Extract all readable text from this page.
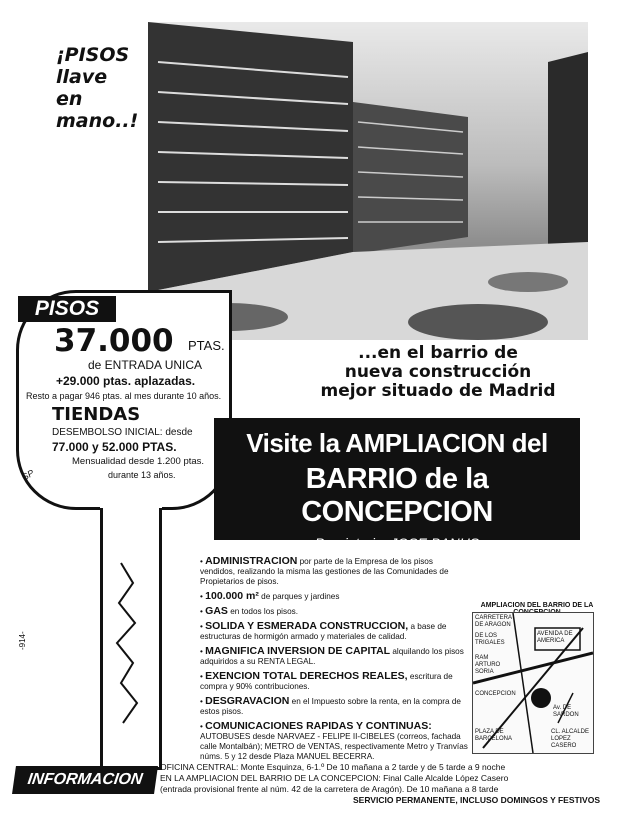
¡PISOS
llave
en
mano..!
PISOS
37.000 PTAS.
de ENTRADA UNICA
+29.000 ptas. aplazadas.
Resto a pagar 946 ptas. al mes durante 10 años.
TIENDAS
DESEMBOLSO INICIAL: desde
77.000 y 52.000 PTAS.
Mensualidad desde 1.200 ptas.
durante 13 años.
...en el barrio de
nueva construcción
mejor situado de Madrid
Visite la AMPLIACION del
BARRIO de la CONCEPCION
Propietario: JOSE BANUS
• ADMINISTRACION por parte de la Empresa de los pisos vendidos, realizando la misma las gestiones de las Comunidades de Propietarios de pisos.
• 100.000 m² de parques y jardines
• GAS en todos los pisos.
• SOLIDA Y ESMERADA CONSTRUCCION, a base de estructuras de hormigón armado y materiales de calidad.
• MAGNIFICA INVERSION DE CAPITAL alquilando los pisos adquiridos a su RENTA LEGAL.
• EXENCION TOTAL DERECHOS REALES, escritura de compra y 90% contribuciones.
• DESGRAVACION en el Impuesto sobre la renta, en la compra de estos pisos.
• COMUNICACIONES RAPIDAS Y CONTINUAS: AUTOBUSES desde NARVAEZ - FELIPE II-CIBELES (correos, fachada calle Montalbán); METRO de VENTAS, respectivamente Metro y Tranvías núms. 5 y 12 desde Plaza MANUEL BECERRA.
AMPLIACION DEL BARRIO DE LA
AVENIDA DE AMERICA
CARRETERA DE ARAGON
DE LOS TRIGALES
RAM ARTURO SORIA
Av. DE SARDON
CONCEPCION
CL. ALCALDE LOPEZ CASERO
PLAZA DE BARCELONA
-914-
SP
INFORMACION
OFICINA CENTRAL: Monte Esquinza, 6-1.º De 10 mañana a 2 tarde y de 5 tarde a 9 noche
EN LA AMPLIACION DEL BARRIO DE LA CONCEPCION: Final Calle Alcalde López Casero
(entrada provisional frente al núm. 42 de la carretera de Aragón). De 10 mañana a 8 tarde
SERVICIO PERMANENTE, INCLUSO DOMINGOS Y FESTIVOS
